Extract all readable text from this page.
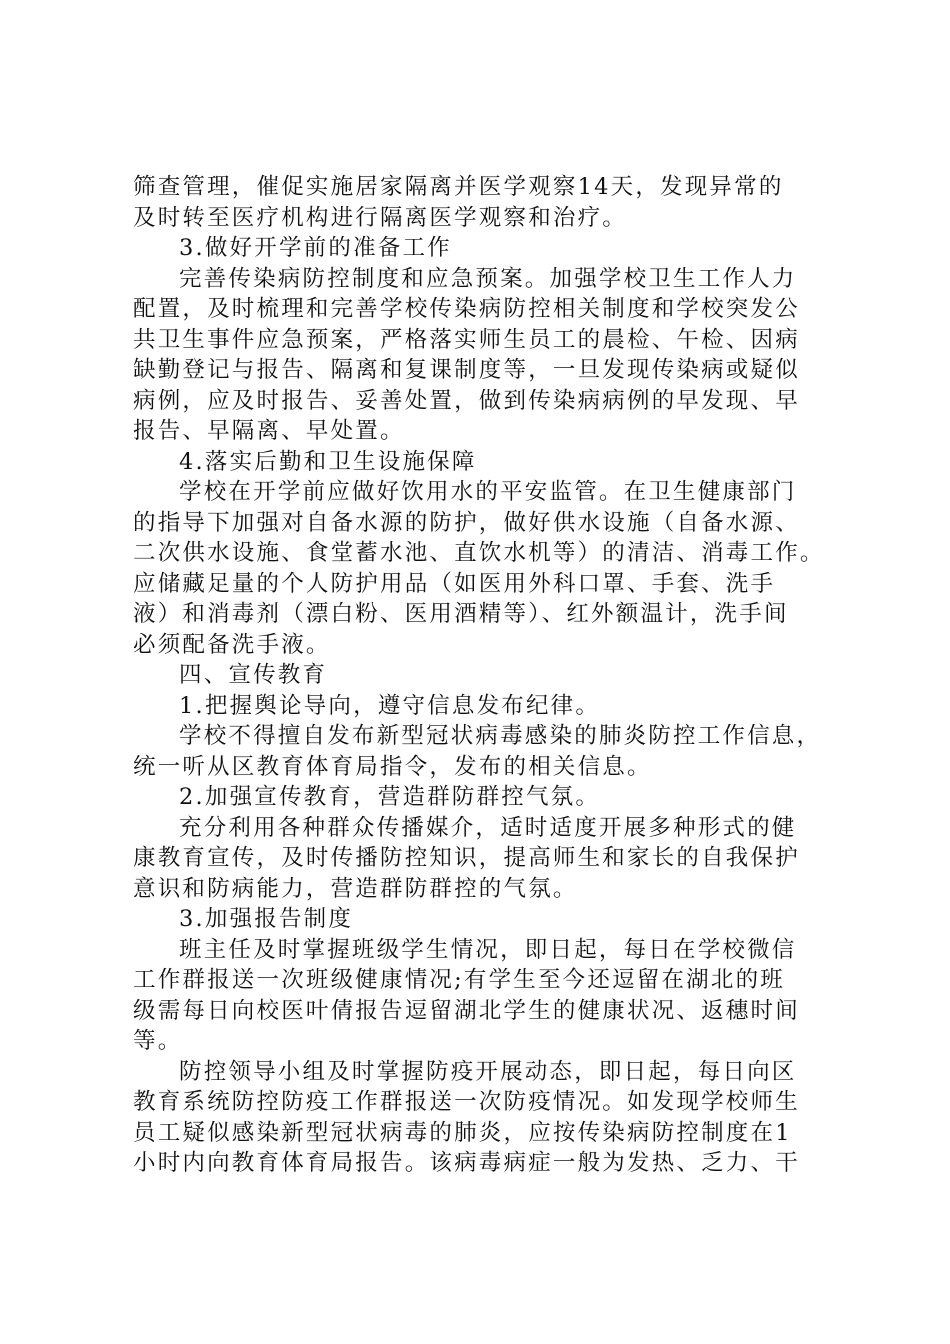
筛查管理，催促实施居家隔离并医学观察14天，发现异常的
及时转至医疗机构进行隔离医学观察和治疗。
3.做好开学前的准备工作
完善传染病防控制度和应急预案。加强学校卫生工作人力
配置，及时梳理和完善学校传染病防控相关制度和学校突发公
共卫生事件应急预案，严格落实师生员工的晨检、午检、因病
缺勤登记与报告、隔离和复课制度等，一旦发现传染病或疑似
病例，应及时报告、妥善处置，做到传染病病例的早发现、早
报告、早隔离、早处置。
4.落实后勤和卫生设施保障
学校在开学前应做好饮用水的平安监管。在卫生健康部门
的指导下加强对自备水源的防护，做好供水设施（自备水源、
二次供水设施、食堂蓄水池、直饮水机等）的清洁、消毒工作。
应储藏足量的个人防护用品（如医用外科口罩、手套、洗手
液）和消毒剂（漂白粉、医用酒精等）、红外额温计，洗手间
必须配备洗手液。
四、宣传教育
1.把握舆论导向，遵守信息发布纪律。
学校不得擅自发布新型冠状病毒感染的肺炎防控工作信息，
统一听从区教育体育局指令，发布的相关信息。
2.加强宣传教育，营造群防群控气氛。
充分利用各种群众传播媒介，适时适度开展多种形式的健
康教育宣传，及时传播防控知识，提高师生和家长的自我保护
意识和防病能力，营造群防群控的气氛。
3.加强报告制度
班主任及时掌握班级学生情况，即日起，每日在学校微信
工作群报送一次班级健康情况;有学生至今还逗留在湖北的班
级需每日向校医叶倩报告逗留湖北学生的健康状况、返穗时间
等。
防控领导小组及时掌握防疫开展动态，即日起，每日向区
教育系统防控防疫工作群报送一次防疫情况。如发现学校师生
员工疑似感染新型冠状病毒的肺炎，应按传染病防控制度在1
小时内向教育体育局报告。该病毒病症一般为发热、乏力、干
